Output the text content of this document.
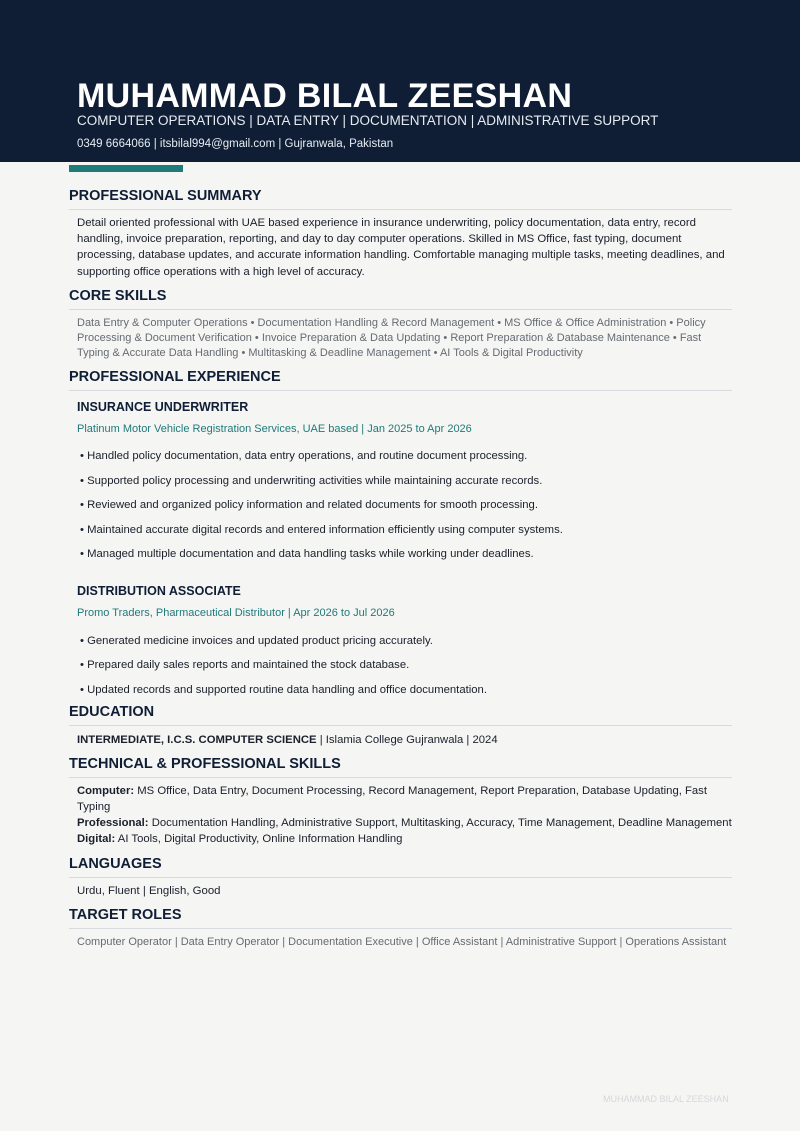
MUHAMMAD BILAL ZEESHAN
COMPUTER OPERATIONS | DATA ENTRY | DOCUMENTATION | ADMINISTRATIVE SUPPORT
0349 6664066 | itsbilal994@gmail.com | Gujranwala, Pakistan
PROFESSIONAL SUMMARY
Detail oriented professional with UAE based experience in insurance underwriting, policy documentation, data entry, record handling, invoice preparation, reporting, and day to day computer operations. Skilled in MS Office, fast typing, document processing, database updates, and accurate information handling. Comfortable managing multiple tasks, meeting deadlines, and supporting office operations with a high level of accuracy.
CORE SKILLS
Data Entry & Computer Operations • Documentation Handling & Record Management • MS Office & Office Administration • Policy Processing & Document Verification • Invoice Preparation & Data Updating • Report Preparation & Database Maintenance • Fast Typing & Accurate Data Handling • Multitasking & Deadline Management • AI Tools & Digital Productivity
PROFESSIONAL EXPERIENCE
INSURANCE UNDERWRITER
Platinum Motor Vehicle Registration Services, UAE based | Jan 2025 to Apr 2026
• Handled policy documentation, data entry operations, and routine document processing.
• Supported policy processing and underwriting activities while maintaining accurate records.
• Reviewed and organized policy information and related documents for smooth processing.
• Maintained accurate digital records and entered information efficiently using computer systems.
• Managed multiple documentation and data handling tasks while working under deadlines.
DISTRIBUTION ASSOCIATE
Promo Traders, Pharmaceutical Distributor | Apr 2026 to Jul 2026
• Generated medicine invoices and updated product pricing accurately.
• Prepared daily sales reports and maintained the stock database.
• Updated records and supported routine data handling and office documentation.
EDUCATION
INTERMEDIATE, I.C.S. COMPUTER SCIENCE | Islamia College Gujranwala | 2024
TECHNICAL & PROFESSIONAL SKILLS
Computer: MS Office, Data Entry, Document Processing, Record Management, Report Preparation, Database Updating, Fast Typing
Professional: Documentation Handling, Administrative Support, Multitasking, Accuracy, Time Management, Deadline Management
Digital: AI Tools, Digital Productivity, Online Information Handling
LANGUAGES
Urdu, Fluent | English, Good
TARGET ROLES
Computer Operator | Data Entry Operator | Documentation Executive | Office Assistant | Administrative Support | Operations Assistant
MUHAMMAD BILAL ZEESHAN
